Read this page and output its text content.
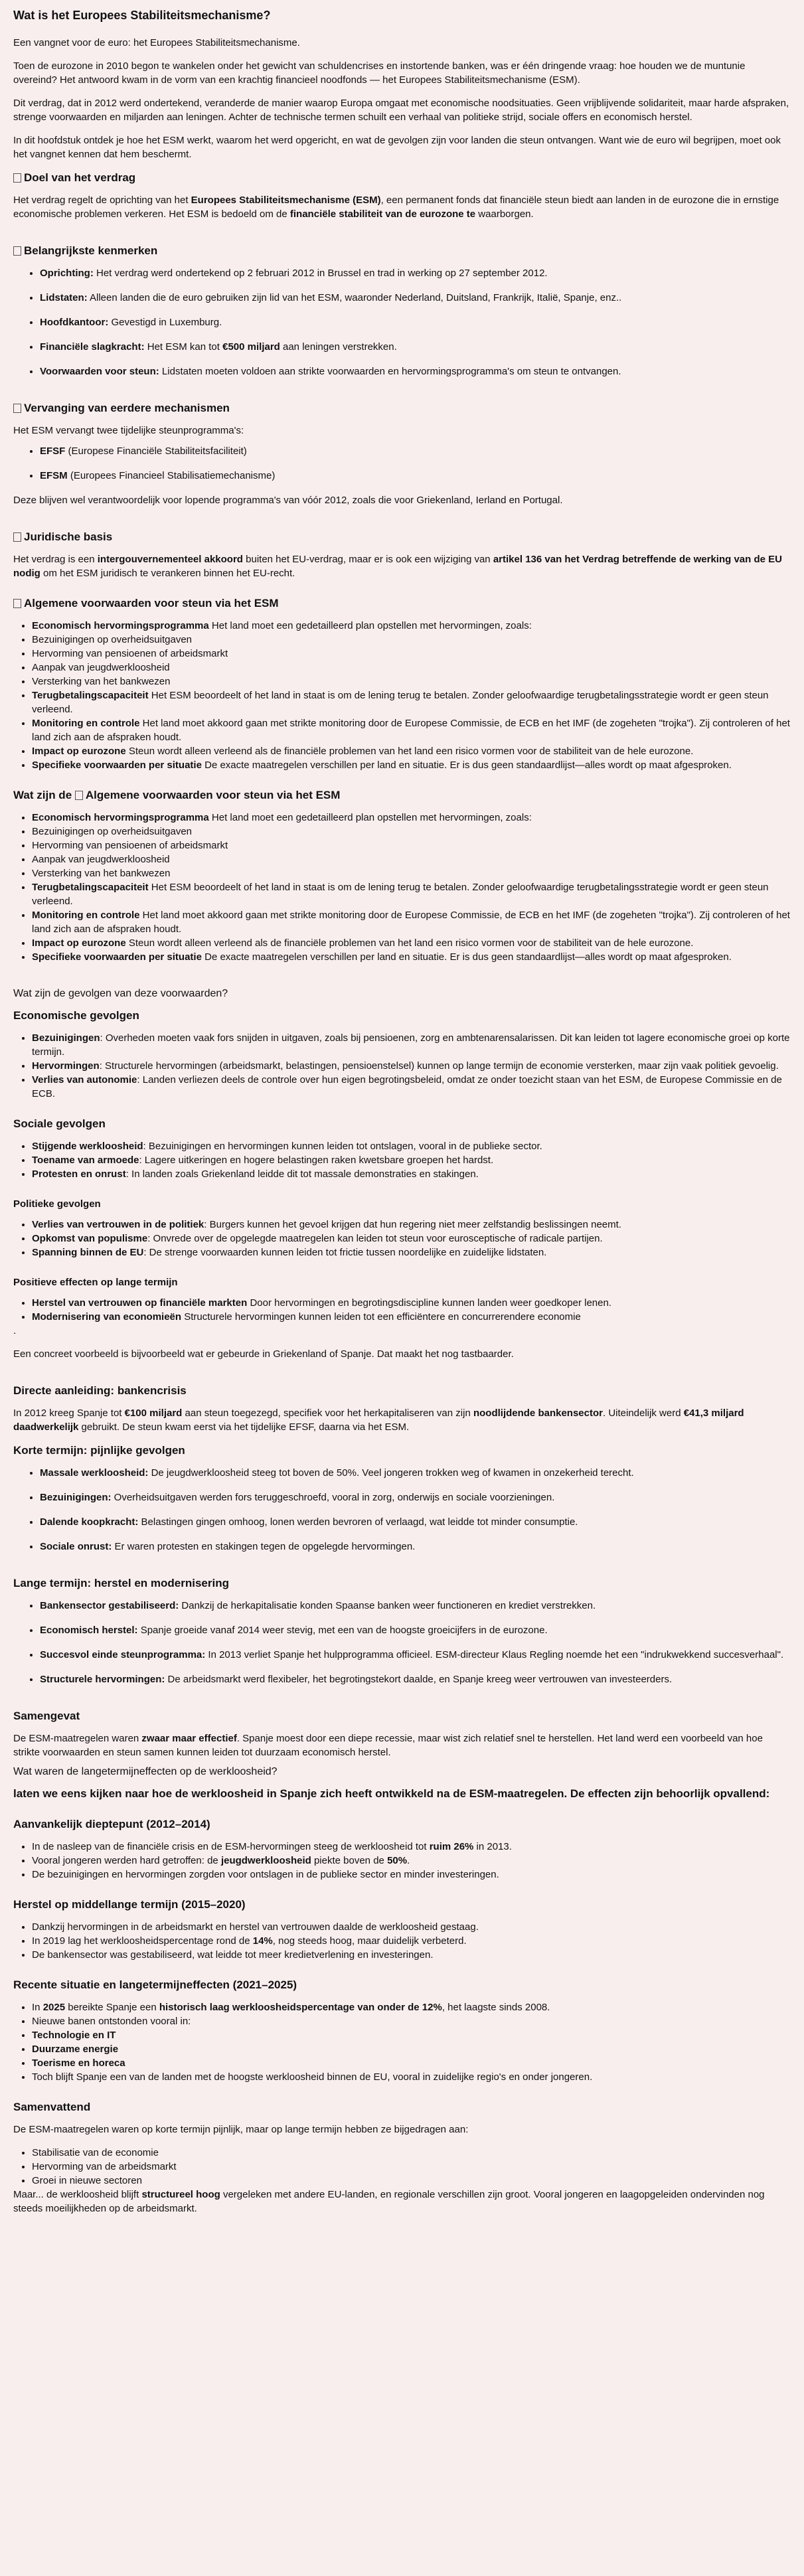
Wat is het Europees Stabiliteitsmechanisme?

Een vangnet voor de euro: het Europees Stabiliteitsmechanisme.

Toen de eurozone in 2010 begon te wankelen onder het gewicht van schuldencrises en instortende banken, was er één dringende vraag: hoe houden we de muntunie overeind? Het antwoord kwam in de vorm van een krachtig financieel noodfonds — het Europees Stabiliteitsmechanisme (ESM).

Dit verdrag, dat in 2012 werd ondertekend, veranderde de manier waarop Europa omgaat met economische noodsituaties. Geen vrijblijvende solidariteit, maar harde afspraken, strenge voorwaarden en miljarden aan leningen. Achter de technische termen schuilt een verhaal van politieke strijd, sociale offers en economisch herstel.

In dit hoofdstuk ontdek je hoe het ESM werkt, waarom het werd opgericht, en wat de gevolgen zijn voor landen die steun ontvangen. Want wie de euro wil begrijpen, moet ook het vangnet kennen dat hem beschermt.

Doel van het verdrag

Het verdrag regelt de oprichting van het Europees Stabiliteitsmechanisme (ESM), een permanent fonds dat financiële steun biedt aan landen in de eurozone die in ernstige economische problemen verkeren. Het ESM is bedoeld om de financiële stabiliteit van de eurozone te waarborgen.

Belangrijkste kenmerken
• Oprichting: Het verdrag werd ondertekend op 2 februari 2012 in Brussel en trad in werking op 27 september 2012.
• Lidstaten: Alleen landen die de euro gebruiken zijn lid van het ESM, waaronder Nederland, Duitsland, Frankrijk, Italië, Spanje, enz..
• Hoofdkantoor: Gevestigd in Luxemburg.
• Financiële slagkracht: Het ESM kan tot €500 miljard aan leningen verstrekken.
• Voorwaarden voor steun: Lidstaten moeten voldoen aan strikte voorwaarden en hervormingsprogramma's om steun te ontvangen.
Vervanging van eerdere mechanismen

Het ESM vervangt twee tijdelijke steunprogramma's:

• EFSF (Europese Financiële Stabiliteitsfaciliteit)
• EFSM (Europees Financieel Stabilisatiemechanisme)

Deze blijven wel verantwoordelijk voor lopende programma's van vóór 2012, zoals die voor Griekenland, Ierland en Portugal.

Juridische basis

Het verdrag is een intergouvernementeel akkoord buiten het EU-verdrag, maar er is ook een wijziging van artikel 136 van het Verdrag betreffende de werking van de EU nodig om het ESM juridisch te verankeren binnen het EU-recht.

Algemene voorwaarden voor steun via het ESM
• Economisch hervormingsprogramma Het land moet een gedetailleerd plan opstellen met hervormingen, zoals:
• Bezuinigingen op overheidsuitgaven
• Hervorming van pensioenen of arbeidsmarkt
• Aanpak van jeugdwerkloosheid
• Versterking van het bankwezen
• Terugbetalingscapaciteit Het ESM beoordeelt of het land in staat is om de lening terug te betalen. Zonder geloofwaardige terugbetalingsstrategie wordt er geen steun verleend.
• Monitoring en controle Het land moet akkoord gaan met strikte monitoring door de Europese Commissie, de ECB en het IMF (de zogeheten "trojka"). Zij controleren of het land zich aan de afspraken houdt.
• Impact op eurozone Steun wordt alleen verleend als de financiële problemen van het land een risico vormen voor de stabiliteit van de hele eurozone.
• Specifieke voorwaarden per situatie De exacte maatregelen verschillen per land en situatie. Er is dus geen standaardlijst—alles wordt op maat afgesproken.
Wat zijn de Algemene voorwaarden voor steun via het ESM
• Economisch hervormingsprogramma Het land moet een gedetailleerd plan opstellen met hervormingen, zoals:
• Bezuinigingen op overheidsuitgaven
• Hervorming van pensioenen of arbeidsmarkt
• Aanpak van jeugdwerkloosheid
• Versterking van het bankwezen
• Terugbetalingscapaciteit Het ESM beoordeelt of het land in staat is om de lening terug te betalen. Zonder geloofwaardige terugbetalingsstrategie wordt er geen steun verleend.
• Monitoring en controle Het land moet akkoord gaan met strikte monitoring door de Europese Commissie, de ECB en het IMF (de zogeheten "trojka"). Zij controleren of het land zich aan de afspraken houdt.
• Impact op eurozone Steun wordt alleen verleend als de financiële problemen van het land een risico vormen voor de stabiliteit van de hele eurozone.
• Specifieke voorwaarden per situatie De exacte maatregelen verschillen per land en situatie. Er is dus geen standaardlijst—alles wordt op maat afgesproken.

Wat zijn de gevolgen van deze voorwaarden?

Economische gevolgen
• Bezuinigingen: Overheden moeten vaak fors snijden in uitgaven, zoals bij pensioenen, zorg en ambtenarensalarissen. Dit kan leiden tot lagere economische groei op korte termijn.
• Hervormingen: Structurele hervormingen (arbeidsmarkt, belastingen, pensioenstelsel) kunnen op lange termijn de economie versterken, maar zijn vaak politiek gevoelig.
• Verlies van autonomie: Landen verliezen deels de controle over hun eigen begrotingsbeleid, omdat ze onder toezicht staan van het ESM, de Europese Commissie en de ECB.
Sociale gevolgen
• Stijgende werkloosheid: Bezuinigingen en hervormingen kunnen leiden tot ontslagen, vooral in de publieke sector.
• Toename van armoede: Lagere uitkeringen en hogere belastingen raken kwetsbare groepen het hardst.
• Protesten en onrust: In landen zoals Griekenland leidde dit tot massale demonstraties en stakingen.
Politieke gevolgen
• Verlies van vertrouwen in de politiek: Burgers kunnen het gevoel krijgen dat hun regering niet meer zelfstandig beslissingen neemt.
• Opkomst van populisme: Onvrede over de opgelegde maatregelen kan leiden tot steun voor eurosceptische of radicale partijen.
• Spanning binnen de EU: De strenge voorwaarden kunnen leiden tot frictie tussen noordelijke en zuidelijke lidstaten.
Positieve effecten op lange termijn
• Herstel van vertrouwen op financiële markten Door hervormingen en begrotingsdiscipline kunnen landen weer goedkoper lenen.
• Modernisering van economieën Structurele hervormingen kunnen leiden tot een efficiëntere en concurrerendere economie

.

Een concreet voorbeeld is bijvoorbeeld wat er gebeurde in Griekenland of Spanje. Dat maakt het nog tastbaarder.

Directe aanleiding: bankencrisis

In 2012 kreeg Spanje tot €100 miljard aan steun toegezegd, specifiek voor het herkapitaliseren van zijn noodlijdende bankensector. Uiteindelijk werd €41,3 miljard daadwerkelijk gebruikt. De steun kwam eerst via het tijdelijke EFSF, daarna via het ESM.

Korte termijn: pijnlijke gevolgen
• Massale werkloosheid: De jeugdwerkloosheid steeg tot boven de 50%. Veel jongeren trokken weg of kwamen in onzekerheid terecht.
• Bezuinigingen: Overheidsuitgaven werden fors teruggeschroefd, vooral in zorg, onderwijs en sociale voorzieningen.
• Dalende koopkracht: Belastingen gingen omhoog, lonen werden bevroren of verlaagd, wat leidde tot minder consumptie.
• Sociale onrust: Er waren protesten en stakingen tegen de opgelegde hervormingen.
Lange termijn: herstel en modernisering
• Bankensector gestabiliseerd: Dankzij de herkapitalisatie konden Spaanse banken weer functioneren en krediet verstrekken.
• Economisch herstel: Spanje groeide vanaf 2014 weer stevig, met een van de hoogste groeicijfers in de eurozone.
• Succesvol einde steunprogramma: In 2013 verliet Spanje het hulpprogramma officieel. ESM-directeur Klaus Regling noemde het een "indrukwekkend succesverhaal".
• Structurele hervormingen: De arbeidsmarkt werd flexibeler, het begrotingstekort daalde, en Spanje kreeg weer vertrouwen van investeerders.
Samengevat

De ESM-maatregelen waren zwaar maar effectief. Spanje moest door een diepe recessie, maar wist zich relatief snel te herstellen. Het land werd een voorbeeld van hoe strikte voorwaarden en steun samen kunnen leiden tot duurzaam economisch herstel.

Wat waren de langetermijneffecten op de werkloosheid?

laten we eens kijken naar hoe de werkloosheid in Spanje zich heeft ontwikkeld na de ESM-maatregelen. De effecten zijn behoorlijk opvallend:
Aanvankelijk dieptepunt (2012–2014)
• In de nasleep van de financiële crisis en de ESM-hervormingen steeg de werkloosheid tot ruim 26% in 2013.
• Vooral jongeren werden hard getroffen: de jeugdwerkloosheid piekte boven de 50%.
• De bezuinigingen en hervormingen zorgden voor ontslagen in de publieke sector en minder investeringen.
Herstel op middellange termijn (2015–2020)
• Dankzij hervormingen in de arbeidsmarkt en herstel van vertrouwen daalde de werkloosheid gestaag.
• In 2019 lag het werkloosheidspercentage rond de 14%, nog steeds hoog, maar duidelijk verbeterd.
• De bankensector was gestabiliseerd, wat leidde tot meer kredietverlening en investeringen.
Recente situatie en langetermijneffecten (2021–2025)
• In 2025 bereikte Spanje een historisch laag werkloosheidspercentage van onder de 12%, het laagste sinds 2008.
• Nieuwe banen ontstonden vooral in:
• Technologie en IT
• Duurzame energie
• Toerisme en horeca
• Toch blijft Spanje een van de landen met de hoogste werkloosheid binnen de EU, vooral in zuidelijke regio's en onder jongeren.
Samenvattend

De ESM-maatregelen waren op korte termijn pijnlijk, maar op lange termijn hebben ze bijgedragen aan:

• Stabilisatie van de economie
• Hervorming van de arbeidsmarkt
• Groei in nieuwe sectoren

Maar... de werkloosheid blijft structureel hoog vergeleken met andere EU-landen, en regionale verschillen zijn groot. Vooral jongeren en laagopgeleiden ondervinden nog steeds moeilijkheden op de arbeidsmarkt.
